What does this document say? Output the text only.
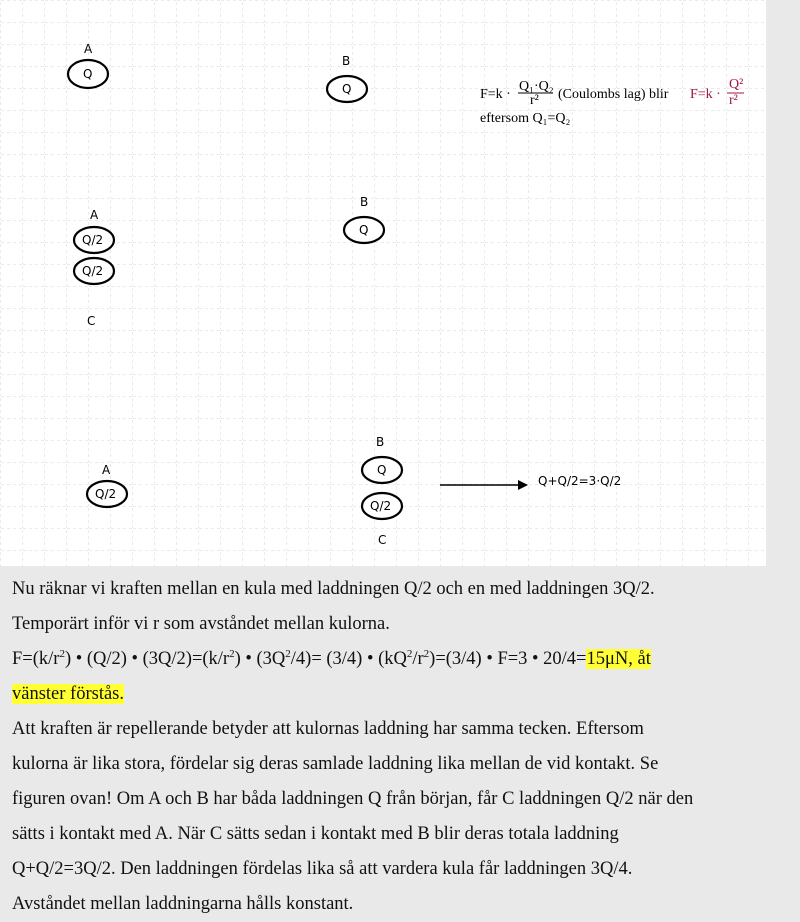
A
Q
B
Q	F=k ·
Q₁·Q₂
r² (Coulombs lag) blir F=k ·
Q²
r²
eftersom Q₁=Q₂
A
Q/2
Q/2
C
B
Q
A
Q/2
B
Q
Q/2
C
Q+Q/2=3·Q/2
Nu räknar vi kraften mellan en kula med laddningen Q/2 och en med laddningen 3Q/2.
Temporärt inför vi r som avståndet mellan kulorna.
$F=(k/r^2)$ • (Q/2) • $(3Q/2)=(k/r^2)$ • $(3Q^2/4)= (3/4)$ • $(kQ^2/r^2)=(3/4)$ • F=3 • 20/4=15μN, åt
vänster förstås.
Att kraften är repellerande betyder att kulornas laddning har samma tecken. Eftersom
kulorna är lika stora, fördelar sig deras samlade laddning lika mellan de vid kontakt. Se
figuren ovan! Om A och B har båda laddningen Q från början, får C laddningen Q/2 när den
sätts i kontakt med A. När C sätts sedan i kontakt med B blir deras totala laddning
Q+Q/2=3Q/2. Den laddningen fördelas lika så att vardera kula får laddningen 3Q/4.
Avståndet mellan laddningarna hålls konstant.
